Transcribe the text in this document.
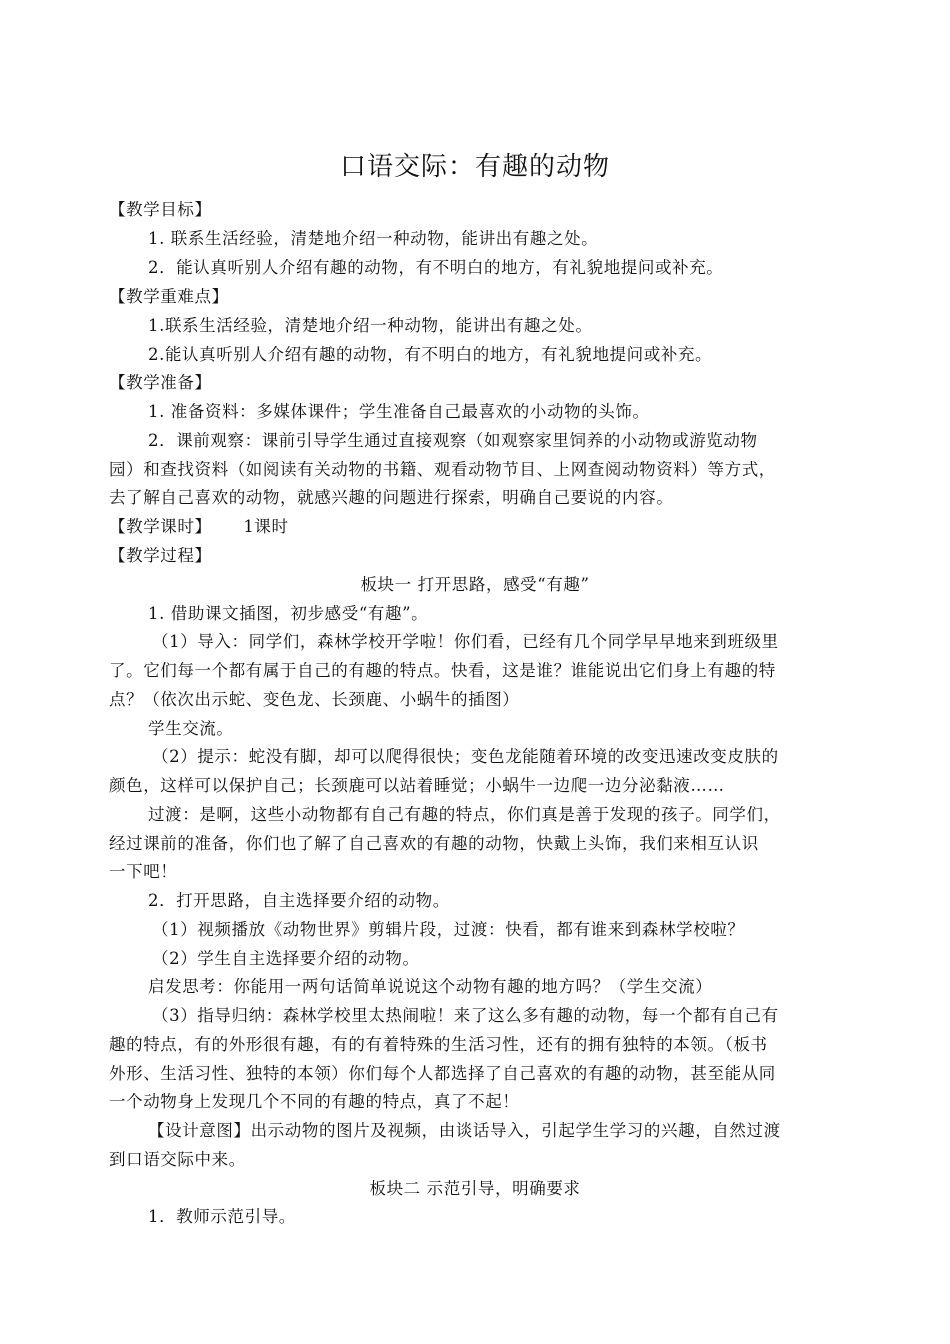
口语交际：有趣的动物
【教学目标】
1. 联系生活经验，清楚地介绍一种动物，能讲出有趣之处。
2．能认真听别人介绍有趣的动物，有不明白的地方，有礼貌地提问或补充。
【教学重难点】
1.联系生活经验，清楚地介绍一种动物，能讲出有趣之处。
2.能认真听别人介绍有趣的动物，有不明白的地方，有礼貌地提问或补充。
【教学准备】
1. 准备资料：多媒体课件；学生准备自己最喜欢的小动物的头饰。
2．课前观察：课前引导学生通过直接观察（如观察家里饲养的小动物或游览动物
园）和查找资料（如阅读有关动物的书籍、观看动物节目、上网查阅动物资料）等方式，
去了解自己喜欢的动物，就感兴趣的问题进行探索，明确自己要说的内容。
【教学课时】 1课时
【教学过程】
板块一 打开思路，感受“有趣”
1. 借助课文插图，初步感受“有趣”。
（1）导入：同学们，森林学校开学啦！你们看，已经有几个同学早早地来到班级里
了。它们每一个都有属于自己的有趣的特点。快看，这是谁？谁能说出它们身上有趣的特
点？（依次出示蛇、变色龙、长颈鹿、小蜗牛的插图）
学生交流。
（2）提示：蛇没有脚，却可以爬得很快；变色龙能随着环境的改变迅速改变皮肤的
颜色，这样可以保护自己；长颈鹿可以站着睡觉；小蜗牛一边爬一边分泌黏液……
过渡：是啊，这些小动物都有自己有趣的特点，你们真是善于发现的孩子。同学们，
经过课前的准备，你们也了解了自己喜欢的有趣的动物，快戴上头饰，我们来相互认识
一下吧！
2．打开思路，自主选择要介绍的动物。
（1）视频播放《动物世界》剪辑片段，过渡：快看，都有谁来到森林学校啦？
（2）学生自主选择要介绍的动物。
启发思考：你能用一两句话简单说说这个动物有趣的地方吗？（学生交流）
（3）指导归纳：森林学校里太热闹啦！来了这么多有趣的动物，每一个都有自己有
趣的特点，有的外形很有趣，有的有着特殊的生活习性，还有的拥有独特的本领。（板书
外形、生活习性、独特的本领）你们每个人都选择了自己喜欢的有趣的动物，甚至能从同
一个动物身上发现几个不同的有趣的特点，真了不起！
【设计意图】出示动物的图片及视频，由谈话导入，引起学生学习的兴趣，自然过渡
到口语交际中来。
板块二 示范引导，明确要求
1．教师示范引导。
